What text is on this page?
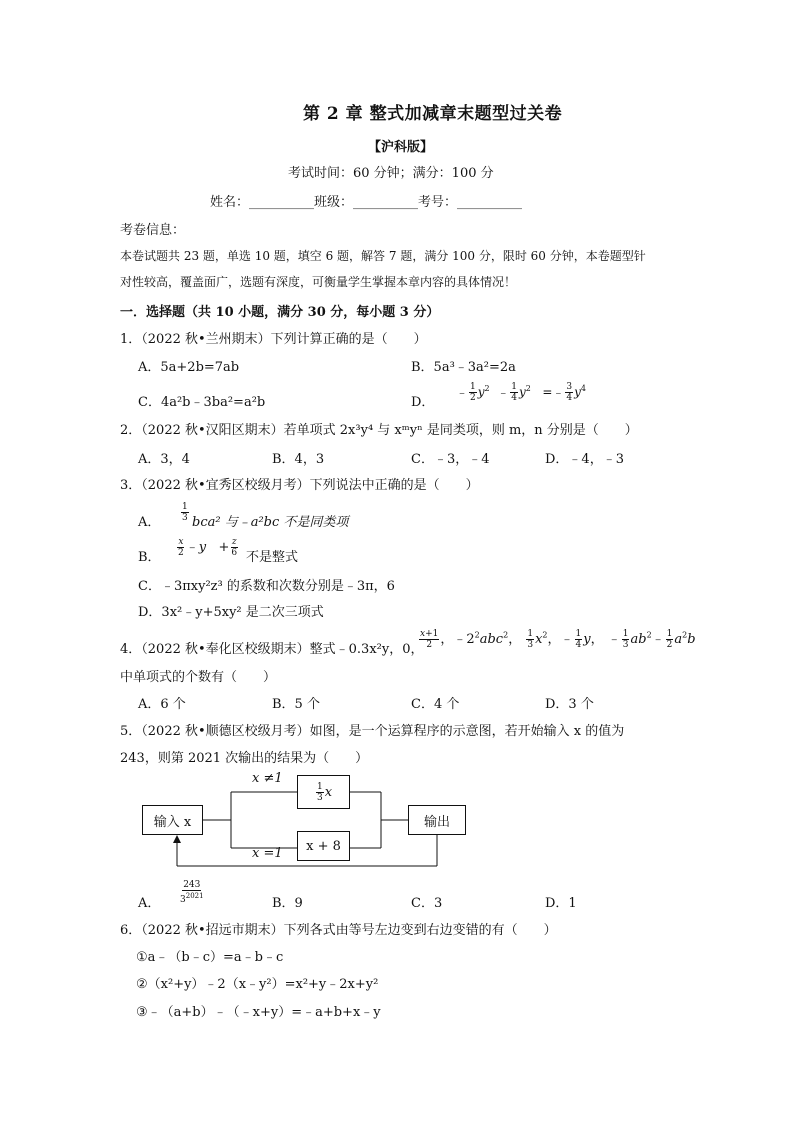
第 2 章 整式加减章末题型过关卷
【沪科版】
考试时间：60 分钟；满分：100 分
姓名：__________班级：__________考号：__________
考卷信息：
本卷试题共 23 题，单选 10 题，填空 6 题，解答 7 题，满分 100 分，限时 60 分钟，本卷题型针
对性较高，覆盖面广，选题有深度，可衡量学生掌握本章内容的具体情况！
一．选择题（共 10 小题，满分 30 分，每小题 3 分）
1．（2022 秋•兰州期末）下列计算正确的是（　　）
A．5a+2b=7ab	B．5a³﹣3a²=2a
C．4a²b﹣3ba²=a²b	D．
﹣ $\frac{1}{2} y^2$  ﹣ $\frac{1}{4} y^2$   =﹣ $\frac{3}{4} y^4$
2．（2022 秋•汉阳区期末）若单项式 2x³y⁴ 与 xᵐyⁿ 是同类项，则 m，n 分别是（　　）
A．3，4	B．4，3	C．﹣3，﹣4	D．﹣4，﹣3
3．（2022 秋•宜秀区校级月考）下列说法中正确的是（　　）
A． $\frac{1}{3} bca^2$ 与﹣a²bc 不是同类项
B． $\frac{x}{2}$ ﹣y   + $\frac{z}{6}$ 不是整式
C．﹣3πxy²z³ 的系数和次数分别是﹣3π，6
D．3x²﹣y+5xy² 是二次三项式
4．（2022 秋•奉化区校级期末）整式﹣0.3x²y，0，
$\frac{x+1}{2}$ ，$﹣2^2abc^2$， $\frac{1}{3} x^2$，﹣ $\frac{1}{4}$ y， ﹣ $\frac{1}{3}$ $ab^2﹣ \frac{1}{2} a^2b$
中单项式的个数有（　　）
A．6 个	B．5 个	C．4 个	D．3 个
5．（2022 秋•顺德区校级月考）如图，是一个运算程序的示意图，若开始输入 x 的值为
243，则第 2021 次输出的结果为（　　）
输入 x
$\frac{1}{3}$ x
x + 8
输出
x ≠1
x =1
A． $\frac{243}{3^{2021}}$	B．9	C．3	D．1
6．（2022 秋•招远市期末）下列各式由等号左边变到右边变错的有（　　）
①a﹣（b﹣c）=a﹣b﹣c
②（x²+y）﹣2（x﹣y²）=x²+y﹣2x+y²
③﹣（a+b）﹣（﹣x+y）=﹣a+b+x﹣y
